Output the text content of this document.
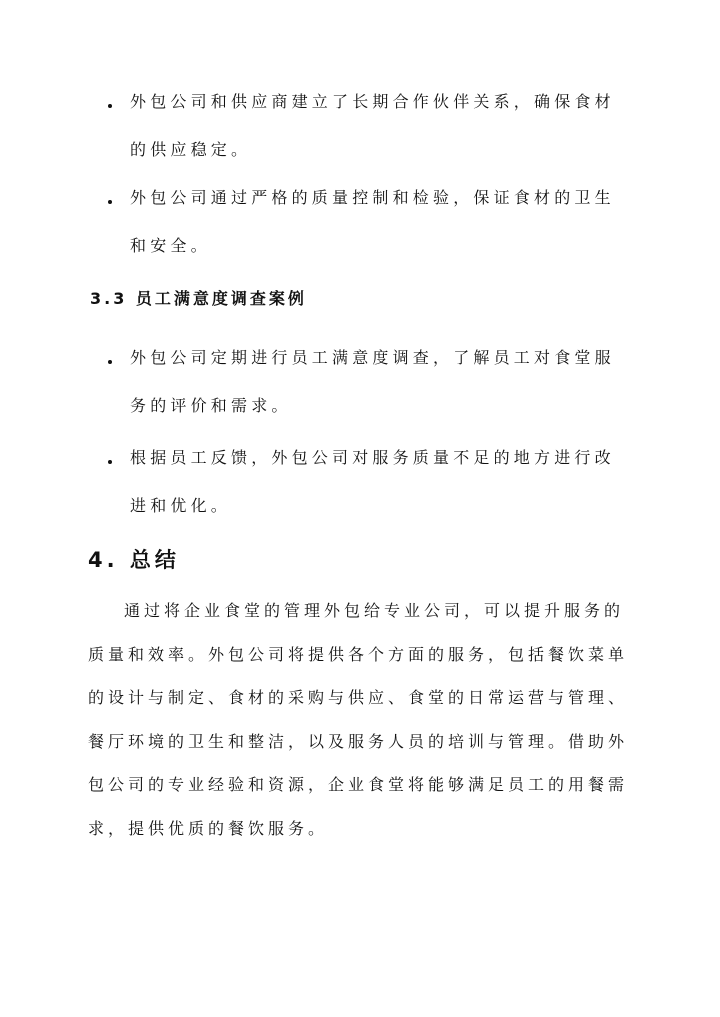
外包公司和供应商建立了长期合作伙伴关系，确保食材的供应稳定。
外包公司通过严格的质量控制和检验，保证食材的卫生和安全。
3.3 员工满意度调查案例
外包公司定期进行员工满意度调查，了解员工对食堂服务的评价和需求。
根据员工反馈，外包公司对服务质量不足的地方进行改进和优化。
4. 总结
通过将企业食堂的管理外包给专业公司，可以提升服务的质量和效率。外包公司将提供各个方面的服务，包括餐饮菜单的设计与制定、食材的采购与供应、食堂的日常运营与管理、餐厅环境的卫生和整洁，以及服务人员的培训与管理。借助外包公司的专业经验和资源，企业食堂将能够满足员工的用餐需求，提供优质的餐饮服务。
